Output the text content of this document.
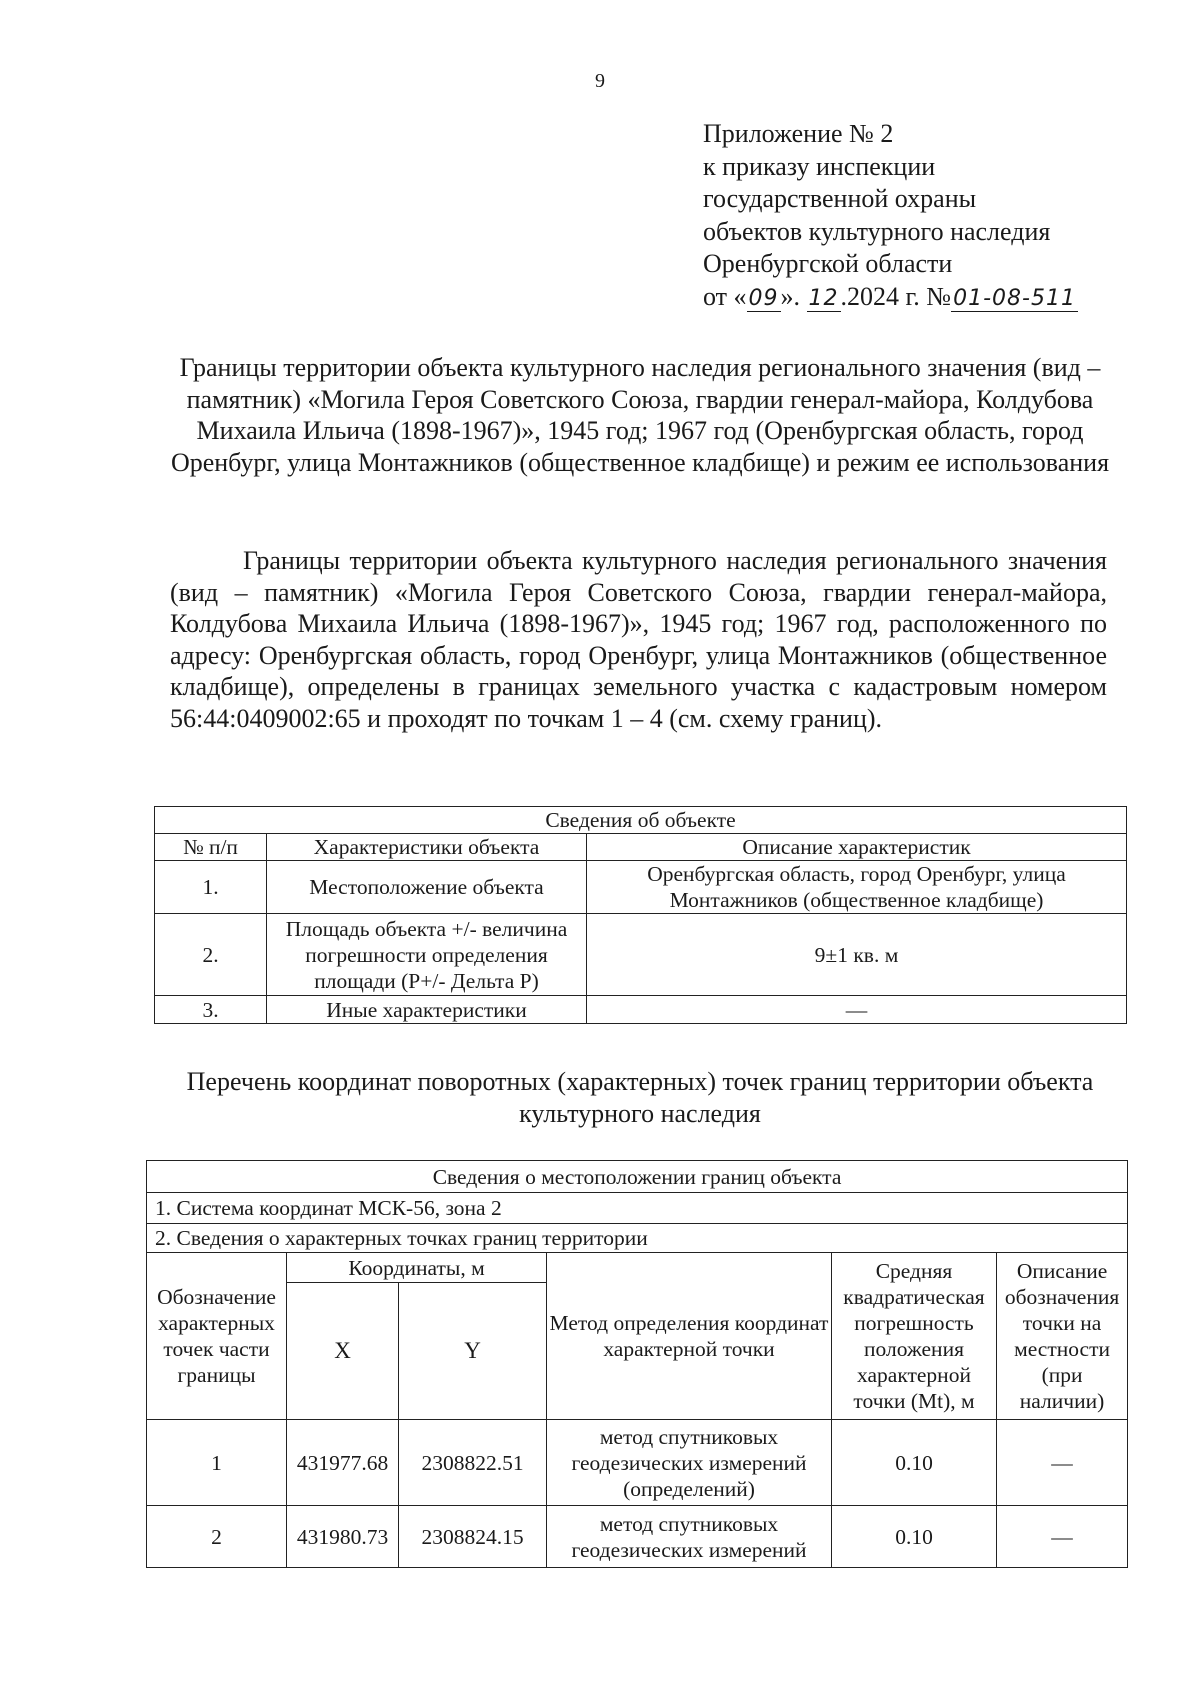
9
Приложение № 2
к приказу инспекции
государственной охраны
объектов культурного наследия
Оренбургской области
от «09». 12.2024 г. №01-08-511
Границы территории объекта культурного наследия регионального значения (вид – памятник) «Могила Героя Советского Союза, гвардии генерал-майора, Колдубова Михаила Ильича (1898-1967)», 1945 год; 1967 год (Оренбургская область, город Оренбург, улица Монтажников (общественное кладбище) и режим ее использования

Границы территории объекта культурного наследия регионального значения (вид – памятник) «Могила Героя Советского Союза, гвардии генерал-майора, Колдубова Михаила Ильича (1898-1967)», 1945 год; 1967 год, расположенного по адресу: Оренбургская область, город Оренбург, улица Монтажников (общественное кладбище), определены в границах земельного участка с кадастровым номером 56:44:0409002:65 и проходят по точкам 1 – 4 (см. схему границ).

Сведения об объекте		
№ п/п	Характеристики объекта	Описание характеристик
1.	Местоположение объекта	Оренбургская область, город Оренбург, улица Монтажников (общественное кладбище)
2.	Площадь объекта +/- величина погрешности определения площади (Р+/- Дельта Р)	9±1 кв. м
3.	Иные характеристики	—
Перечень координат поворотных (характерных) точек границ территории объекта культурного наследия
Сведения о местоположении границ объекта					
1. Система координат МСК-56, зона 2					
2. Сведения о характерных точках границ территории					
Обозначение характерных точек части границы	Координаты, м		Метод определения координат характерной точки	Средняя квадратическая погрешность положения характерной точки (Mt), м	Описание обозначения точки на местности (при наличии)
	X	Y			
1	431977.68	2308822.51	метод спутниковых геодезических измерений (определений)	0.10	—
2	431980.73	2308824.15	метод спутниковых геодезических измерений	0.10	—
